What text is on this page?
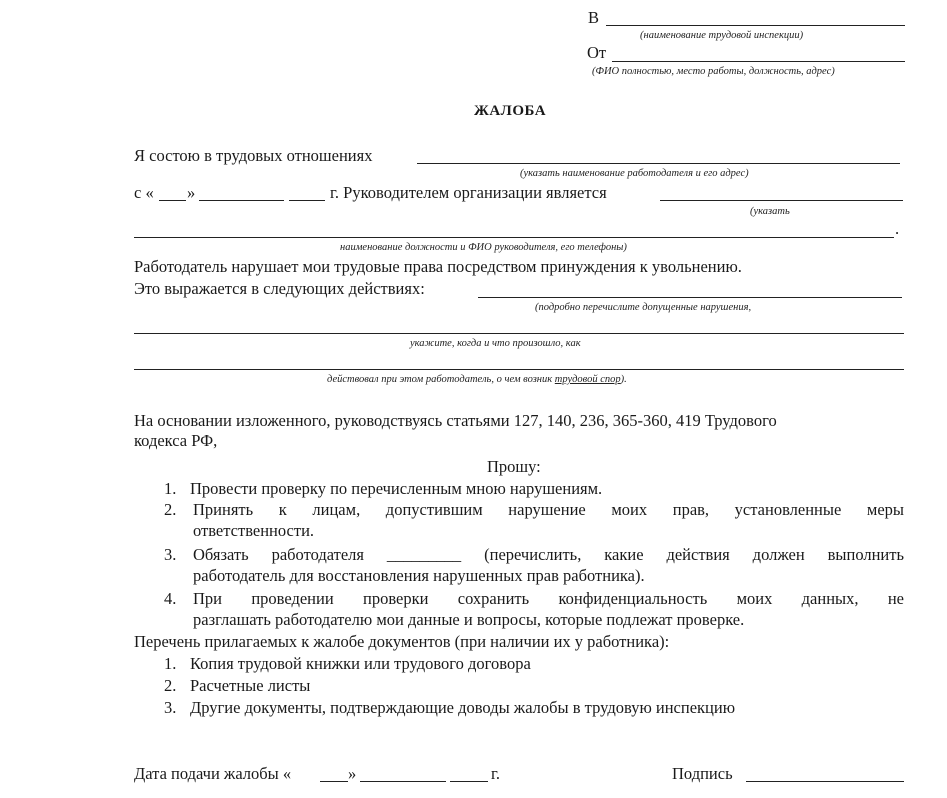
В
(наименование трудовой инспекции)
От
(ФИО полностью, место работы, должность, адрес)
ЖАЛОБА
Я состою в трудовых отношениях
(указать наименование работодателя и его адрес)
с « »	г. Руководителем организации является
(указать
.
наименование должности и ФИО руководителя, его телефоны)
Работодатель нарушает мои трудовые права посредством принуждения к увольнению.
Это выражается в следующих действиях:
(подробно перечислите допущенные нарушения,
укажите, когда и что произошло, как
действовал при этом работодатель, о чем возник трудовой спор).
На основании изложенного, руководствуясь статьями 127, 140, 236, 365-360, 419 Трудового
кодекса РФ,
Прошу:
1. Провести проверку по перечисленным мною нарушениям.
2. Принять к лицам, допустившим нарушение моих прав, установленные меры
ответственности.
3. Обязать работодателя _________ (перечислить, какие действия должен выполнить
работодатель для восстановления нарушенных прав работника).
4. При проведении проверки сохранить конфиденциальность моих данных, не
разглашать работодателю мои данные и вопросы, которые подлежат проверке.
Перечень прилагаемых к жалобе документов (при наличии их у работника):
1. Копия трудовой книжки или трудового договора
2. Расчетные листы
3. Другие документы, подтверждающие доводы жалобы в трудовую инспекцию
Дата подачи жалобы «	»	г.	Подпись
